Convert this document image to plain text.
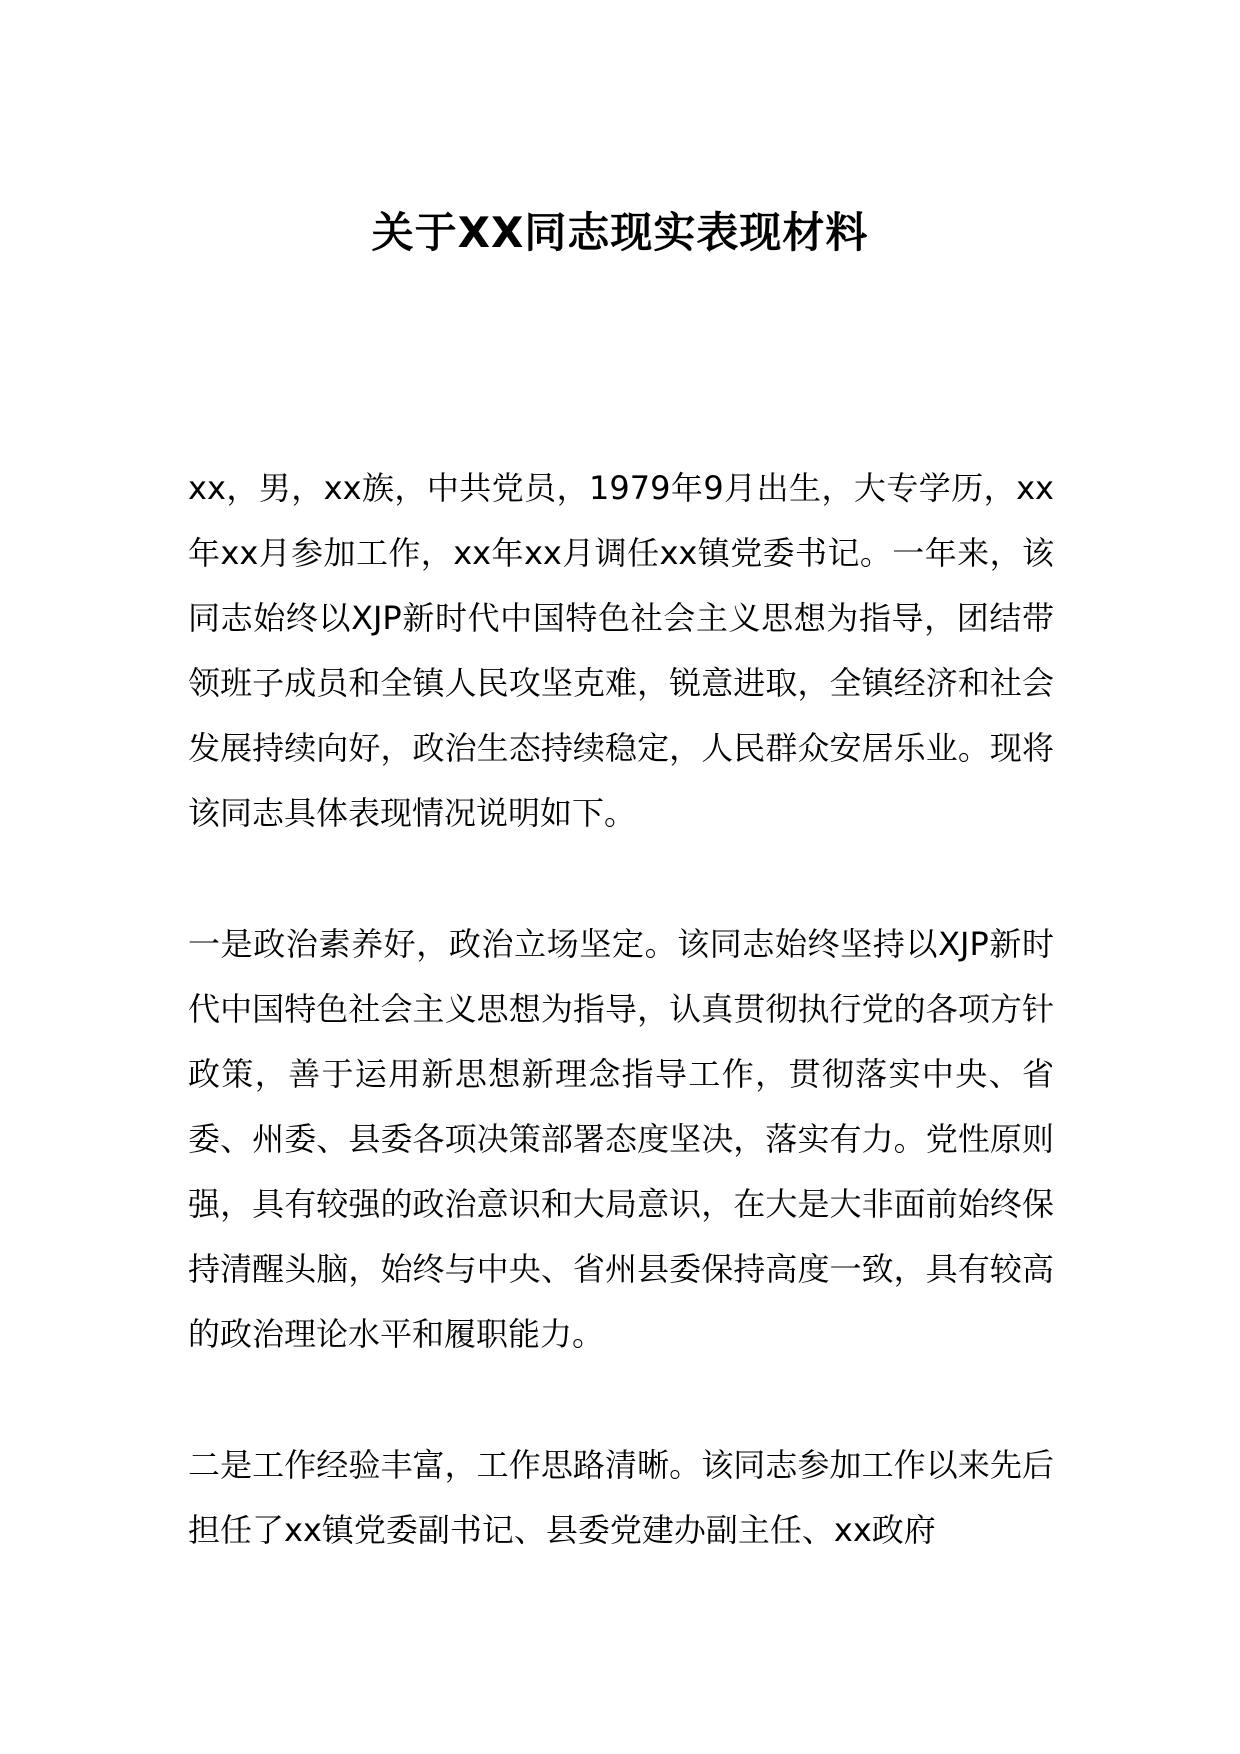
关于XX同志现实表现材料

xx，男，xx族，中共党员，1979年9月出生，大专学历，xx年xx月参加工作，xx年xx月调任xx镇党委书记。一年来，该同志始终以XJP新时代中国特色社会主义思想为指导，团结带领班子成员和全镇人民攻坚克难，锐意进取，全镇经济和社会发展持续向好，政治生态持续稳定，人民群众安居乐业。现将该同志具体表现情况说明如下。

一是政治素养好，政治立场坚定。该同志始终坚持以XJP新时代中国特色社会主义思想为指导，认真贯彻执行党的各项方针政策，善于运用新思想新理念指导工作，贯彻落实中央、省委、州委、县委各项决策部署态度坚决，落实有力。党性原则强，具有较强的政治意识和大局意识，在大是大非面前始终保持清醒头脑，始终与中央、省州县委保持高度一致，具有较高的政治理论水平和履职能力。

二是工作经验丰富，工作思路清晰。该同志参加工作以来先后担任了xx镇党委副书记、县委党建办副主任、xx政府
